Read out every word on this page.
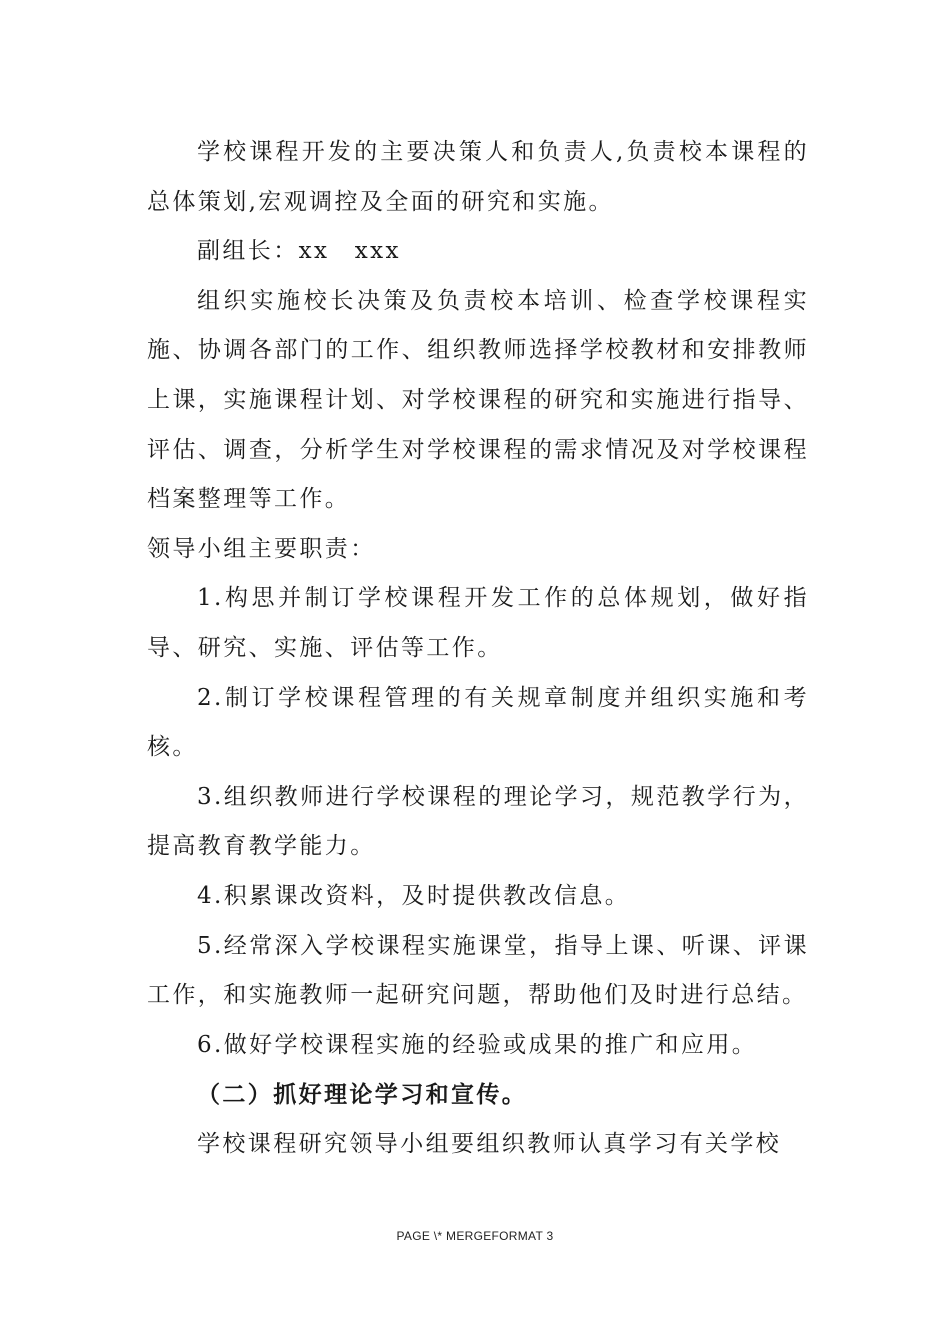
学校课程开发的主要决策人和负责人,负责校本课程的总体策划,宏观调控及全面的研究和实施。

副组长：xx　xxx

组织实施校长决策及负责校本培训、检查学校课程实施、协调各部门的工作、组织教师选择学校教材和安排教师上课，实施课程计划、对学校课程的研究和实施进行指导、评估、调查，分析学生对学校课程的需求情况及对学校课程档案整理等工作。

领导小组主要职责：

1.构思并制订学校课程开发工作的总体规划，做好指导、研究、实施、评估等工作。

2.制订学校课程管理的有关规章制度并组织实施和考核。

3.组织教师进行学校课程的理论学习，规范教学行为，提高教育教学能力。

4.积累课改资料，及时提供教改信息。

5.经常深入学校课程实施课堂，指导上课、听课、评课工作，和实施教师一起研究问题，帮助他们及时进行总结。

6.做好学校课程实施的经验或成果的推广和应用。

（二）抓好理论学习和宣传。

学校课程研究领导小组要组织教师认真学习有关学校

PAGE \* MERGEFORMAT 3
